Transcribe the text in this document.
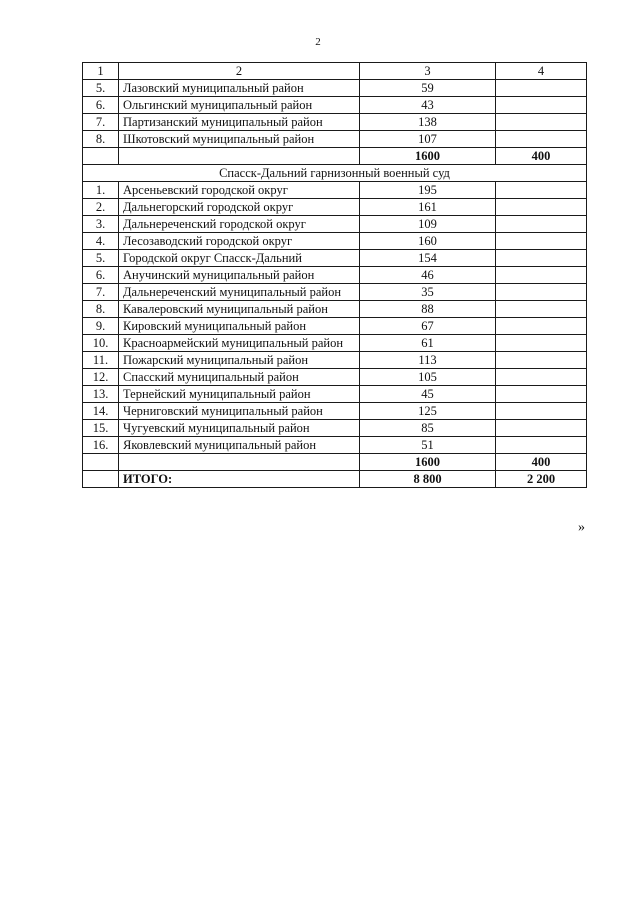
2
1	2	3	4
5.	Лазовский муниципальный район	59	
6.	Ольгинский муниципальный район	43	
7.	Партизанский муниципальный район	138	
8.	Шкотовский муниципальный район	107	
		1600	400
Спасск-Дальний гарнизонный военный суд			
1.	Арсеньевский городской округ	195	
2.	Дальнегорский городской округ	161	
3.	Дальнереченский городской округ	109	
4.	Лесозаводский городской округ	160	
5.	Городской округ Спасск-Дальний	154	
6.	Анучинский муниципальный район	46	
7.	Дальнереченский муниципальный район	35	
8.	Кавалеровский муниципальный район	88	
9.	Кировский муниципальный район	67	
10.	Красноармейский муниципальный район	61	
11.	Пожарский муниципальный район	113	
12.	Спасский муниципальный район	105	
13.	Тернейский муниципальный район	45	
14.	Черниговский муниципальный район	125	
15.	Чугуевский муниципальный район	85	
16.	Яковлевский муниципальный район	51	
		1600	400
	ИТОГО:	8 800	2 200
»
